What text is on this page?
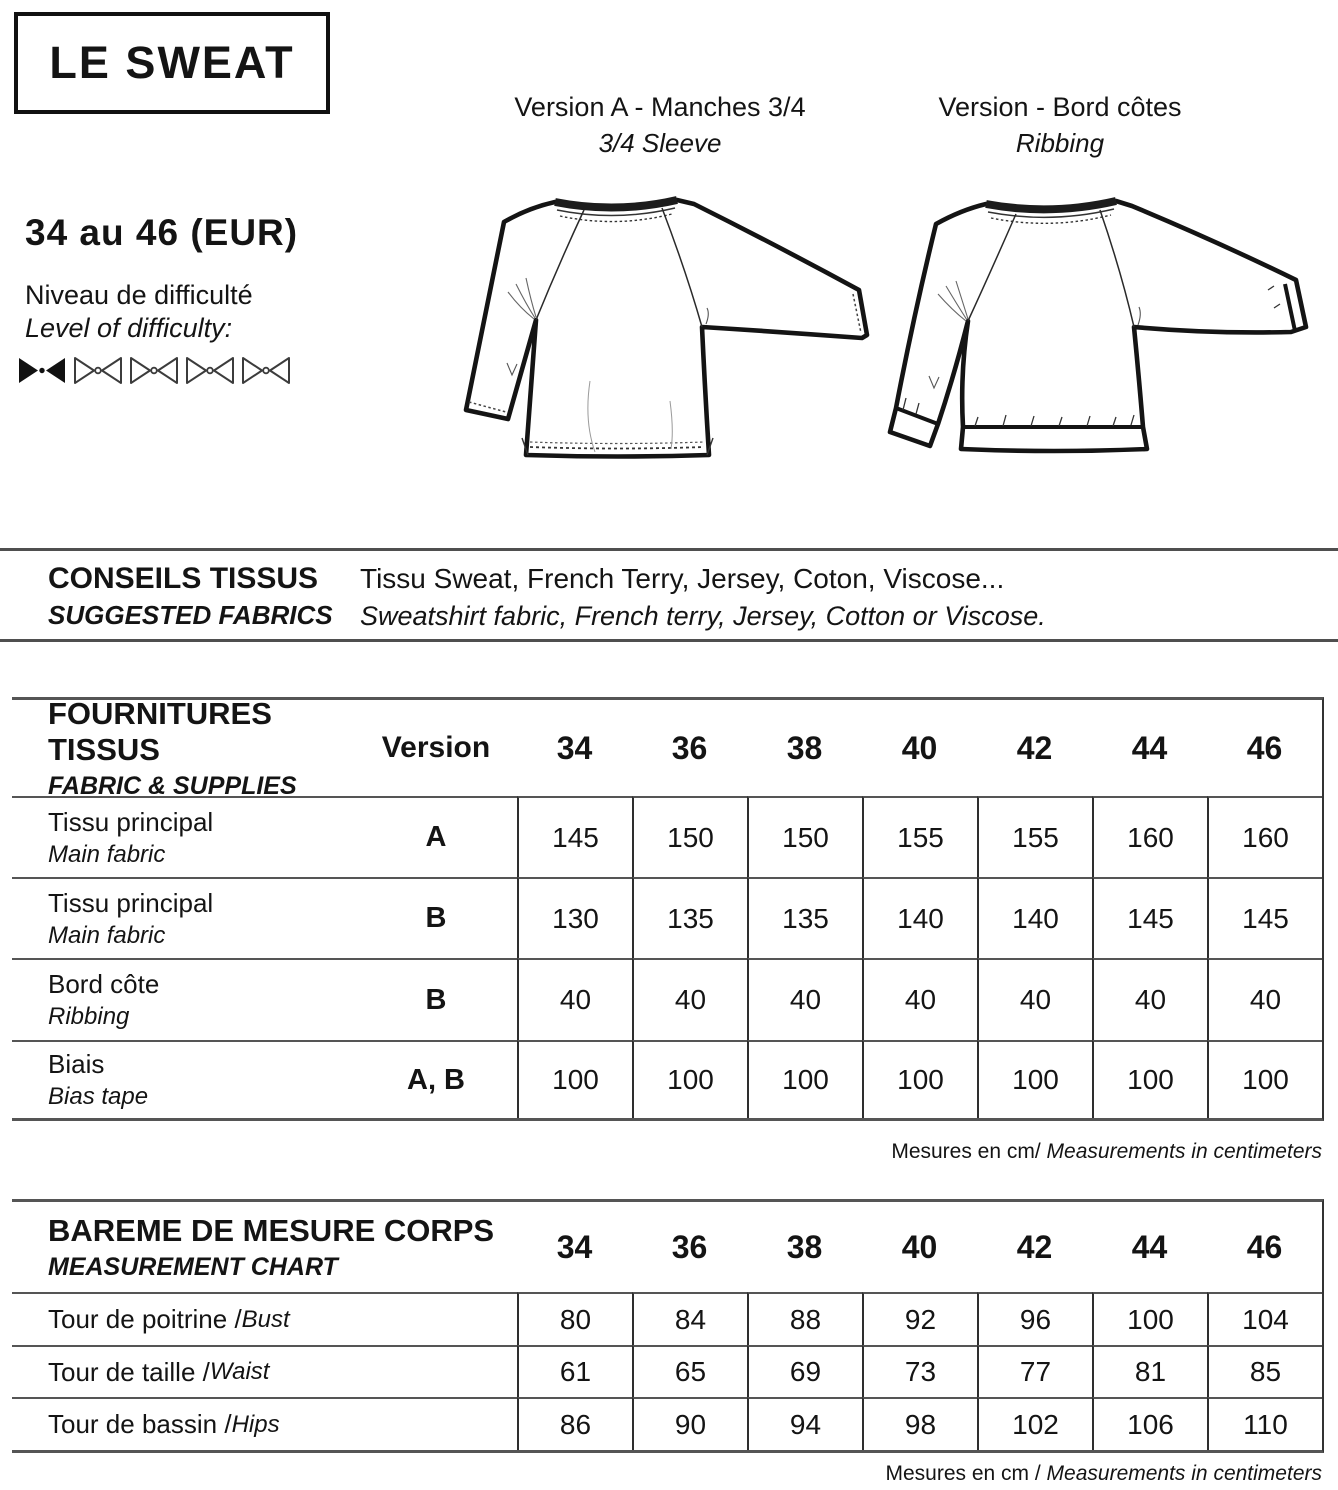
LE SWEAT
34 au 46 (EUR)
Niveau de difficulté
Level of difficulty:
Version A - Manches 3/4
3/4 Sleeve
Version - Bord côtes
Ribbing
CONSEILS TISSUS
SUGGESTED FABRICS
Tissu Sweat, French Terry, Jersey, Coton, Viscose...
Sweatshirt fabric, French terry, Jersey, Cotton or Viscose.
FOURNITURES TISSUS
FABRIC & SUPPLIES
Version	34	36	38	40	42	44	46
Tissu principal
Main fabric
A	145	150	150	155	155	160	160
Tissu principal
Main fabric
B	130	135	135	140	140	145	145
Bord côte
Ribbing
B	40	40	40	40	40	40	40
Biais
Bias tape
A, B	100	100	100	100	100	100	100
Mesures en cm/ Measurements in centimeters
BAREME DE MESURE CORPS
MEASUREMENT CHART
34	36	38	40	42	44	46
Tour de poitrine / Bust	80	84	88	92	96	100	104
Tour de taille / Waist	61	65	69	73	77	81	85
Tour de bassin / Hips	86	90	94	98	102	106	110
Mesures en cm / Measurements in centimeters
